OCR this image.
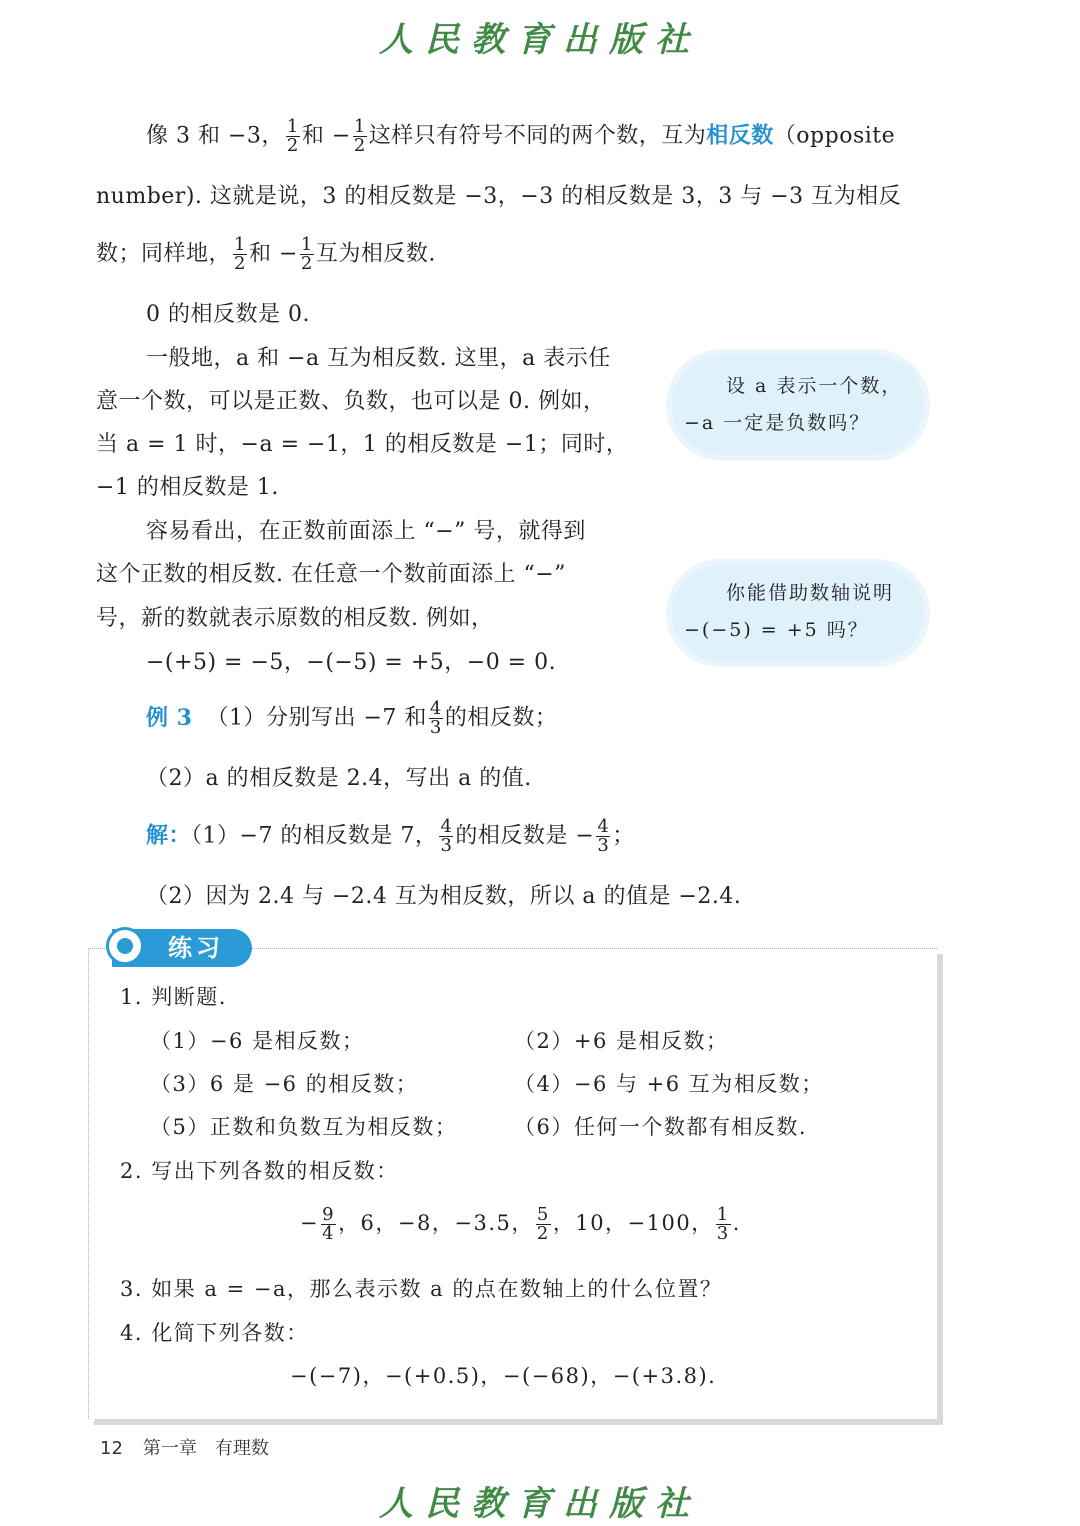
人民教育出版社
像 3 和 −3， $\frac{1}{2}$ 和 − $\frac{1}{2}$ 这样只有符号不同的两个数，互为相反数（opposite
number). 这就是说，3 的相反数是 −3，−3 的相反数是 3，3 与 −3 互为相反
数；同样地， $\frac{1}{2}$ 和 − $\frac{1}{2}$ 互为相反数.
0 的相反数是 0.
一般地，a 和 −a 互为相反数. 这里，a 表示任
意一个数，可以是正数、负数，也可以是 0. 例如，
当 a = 1 时，−a = −1，1 的相反数是 −1；同时，
−1 的相反数是 1.
容易看出，在正数前面添上 “−” 号，就得到
这个正数的相反数. 在任意一个数前面添上 “−”
号，新的数就表示原数的相反数. 例如，
−(+5) = −5，−(−5) = +5，−0 = 0.
设 a 表示一个数，
−a 一定是负数吗？
你能借助数轴说明
−(−5) = +5 吗？
例 3 （1）分别写出 −7 和 $\frac{4}{3}$ 的相反数；
（2）a 的相反数是 2.4，写出 a 的值.
解：（1）−7 的相反数是 7， $\frac{4}{3}$ 的相反数是 − $\frac{4}{3}$ ；
（2）因为 2.4 与 −2.4 互为相反数，所以 a 的值是 −2.4.
练习
1. 判断题.
（1）−6 是相反数；	（2）+6 是相反数；
（3）6 是 −6 的相反数；	（4）−6 与 +6 互为相反数；
（5）正数和负数互为相反数；	（6）任何一个数都有相反数.
2. 写出下列各数的相反数：
− $\frac{9}{4}$ ，6，−8，−3.5， $\frac{5}{2}$ ，10，−100， $\frac{1}{3}$ .
3. 如果 a = −a，那么表示数 a 的点在数轴上的什么位置？
4. 化简下列各数：
−(−7)，−(+0.5)，−(−68)，−(+3.8).
12 第一章 有理数
人民教育出版社
